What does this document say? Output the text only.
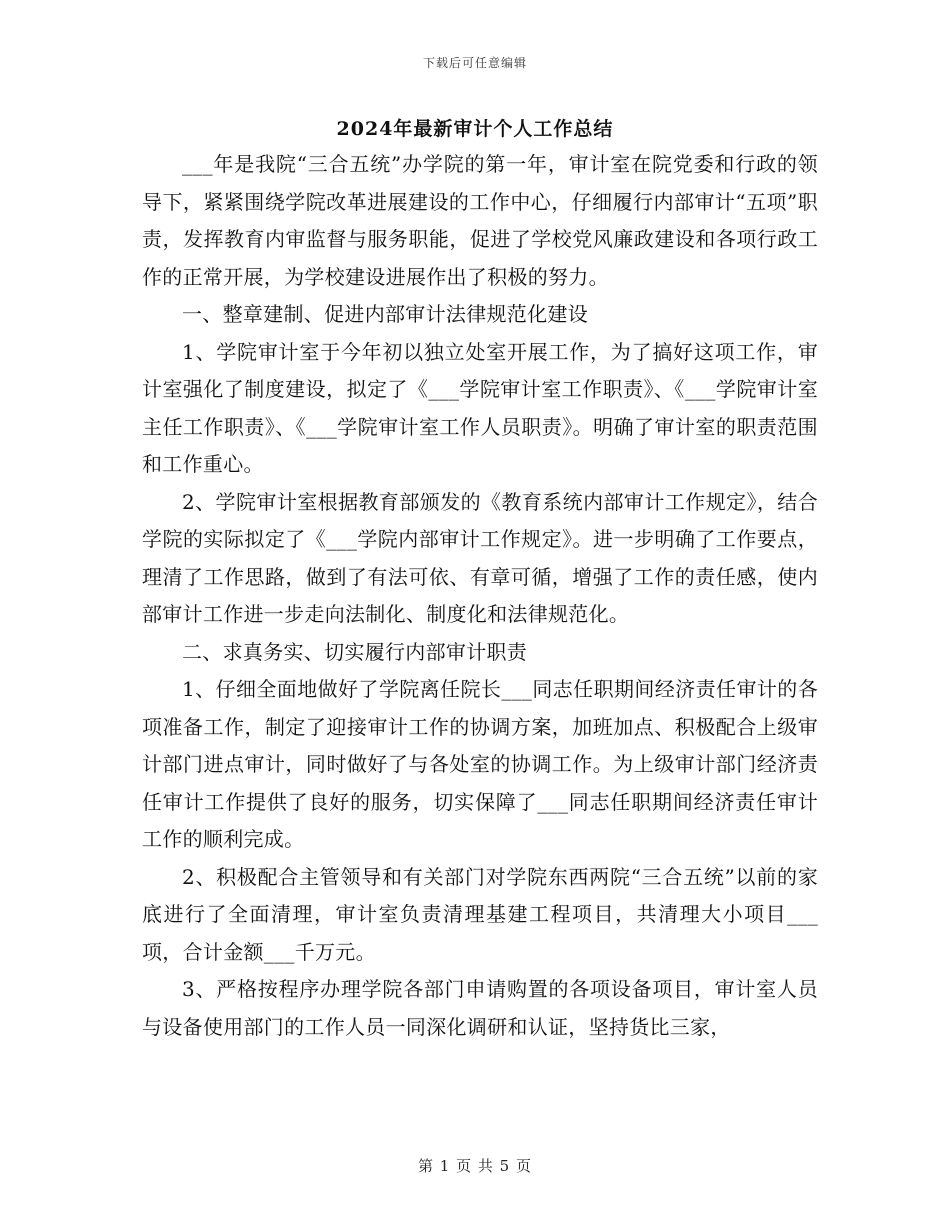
下载后可任意编辑
2024年最新审计个人工作总结

___年是我院“三合五统”办学院的第一年，审计室在院党委和行政的领导下，紧紧围绕学院改革进展建设的工作中心，仔细履行内部审计“五项”职责，发挥教育内审监督与服务职能，促进了学校党风廉政建设和各项行政工作的正常开展，为学校建设进展作出了积极的努力。

一、整章建制、促进内部审计法律规范化建设

1、学院审计室于今年初以独立处室开展工作，为了搞好这项工作，审计室强化了制度建设，拟定了《___学院审计室工作职责》、《___学院审计室主任工作职责》、《___学院审计室工作人员职责》。明确了审计室的职责范围和工作重心。

2、学院审计室根据教育部颁发的《教育系统内部审计工作规定》，结合学院的实际拟定了《___学院内部审计工作规定》。进一步明确了工作要点，理清了工作思路，做到了有法可依、有章可循，增强了工作的责任感，使内部审计工作进一步走向法制化、制度化和法律规范化。

二、求真务实、切实履行内部审计职责

1、仔细全面地做好了学院离任院长___同志任职期间经济责任审计的各项准备工作，制定了迎接审计工作的协调方案，加班加点、积极配合上级审计部门进点审计，同时做好了与各处室的协调工作。为上级审计部门经济责任审计工作提供了良好的服务，切实保障了___同志任职期间经济责任审计工作的顺利完成。

2、积极配合主管领导和有关部门对学院东西两院“三合五统”以前的家底进行了全面清理，审计室负责清理基建工程项目，共清理大小项目___项，合计金额___千万元。

3、严格按程序办理学院各部门申请购置的各项设备项目，审计室人员与设备使用部门的工作人员一同深化调研和认证，坚持货比三家，

第 1 页 共 5 页
